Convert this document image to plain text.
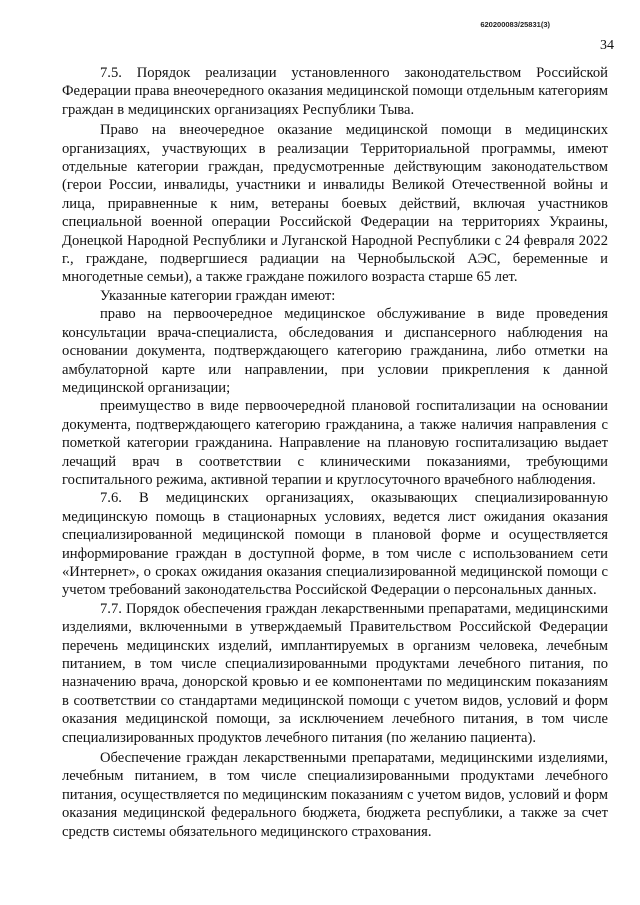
620200083/25831(3)
34

7.5. Порядок реализации установленного законодательством Российской Федерации права внеочередного оказания медицинской помощи отдельным категориям граждан в медицинских организациях Республики Тыва.

Право на внеочередное оказание медицинской помощи в медицинских организациях, участвующих в реализации Территориальной программы, имеют отдельные категории граждан, предусмотренные действующим законодательством (герои России, инвалиды, участники и инвалиды Великой Отечественной войны и лица, приравненные к ним, ветераны боевых действий, включая участников специальной военной операции Российской Федерации на территориях Украины, Донецкой Народной Республики и Луганской Народной Республики с 24 февраля 2022 г., граждане, подвергшиеся радиации на Чернобыльской АЭС, беременные и многодетные семьи), а также граждане пожилого возраста старше 65 лет.

Указанные категории граждан имеют:

право на первоочередное медицинское обслуживание в виде проведения консультации врача-специалиста, обследования и диспансерного наблюдения на основании документа, подтверждающего категорию гражданина, либо отметки на амбулаторной карте или направлении, при условии прикрепления к данной медицинской организации;

преимущество в виде первоочередной плановой госпитализации на основании документа, подтверждающего категорию гражданина, а также наличия направления с пометкой категории гражданина. Направление на плановую госпитализацию выдает лечащий врач в соответствии с клиническими показаниями, требующими госпитального режима, активной терапии и круглосуточного врачебного наблюдения.

7.6. В медицинских организациях, оказывающих специализированную медицинскую помощь в стационарных условиях, ведется лист ожидания оказания специализированной медицинской помощи в плановой форме и осуществляется информирование граждан в доступной форме, в том числе с использованием сети «Интернет», о сроках ожидания оказания специализированной медицинской помощи с учетом требований законодательства Российской Федерации о персональных данных.

7.7. Порядок обеспечения граждан лекарственными препаратами, медицинскими изделиями, включенными в утверждаемый Правительством Российской Федерации перечень медицинских изделий, имплантируемых в организм человека, лечебным питанием, в том числе специализированными продуктами лечебного питания, по назначению врача, донорской кровью и ее компонентами по медицинским показаниям в соответствии со стандартами медицинской помощи с учетом видов, условий и форм оказания медицинской помощи, за исключением лечебного питания, в том числе специализированных продуктов лечебного питания (по желанию пациента).

Обеспечение граждан лекарственными препаратами, медицинскими изделиями, лечебным питанием, в том числе специализированными продуктами лечебного питания, осуществляется по медицинским показаниям с учетом видов, условий и форм оказания медицинской федерального бюджета, бюджета республики, а также за счет средств системы обязательного медицинского страхования.
